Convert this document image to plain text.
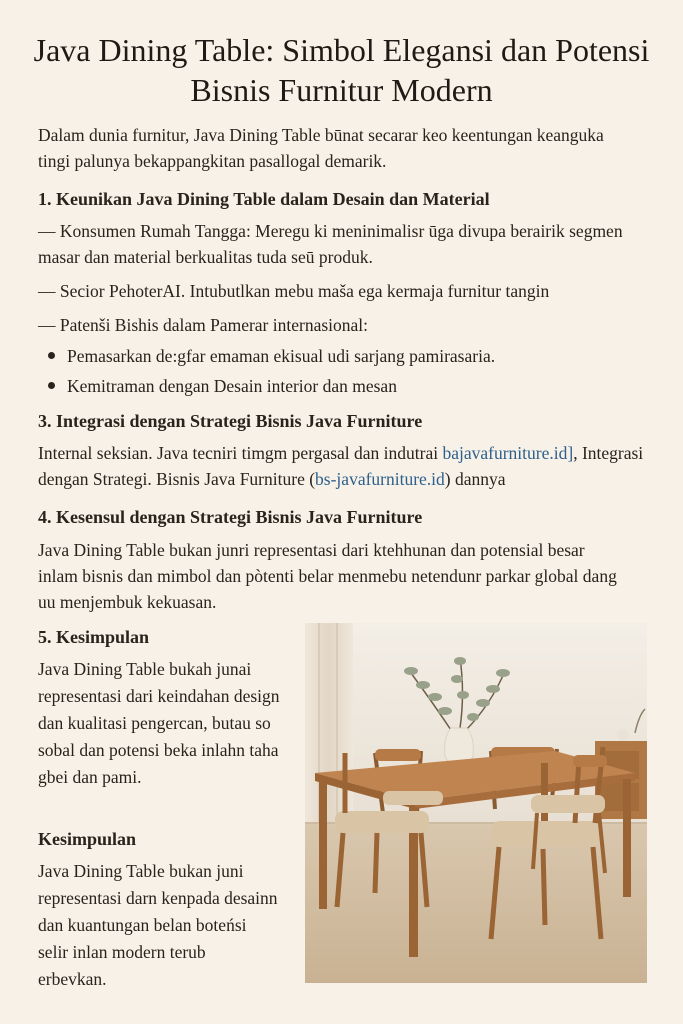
Java Dining Table: Simbol Elegansi dan Potensi Bisnis Furnitur Modern

Dalam dunia furnitur, Java Dining Table būnat secarar keo keentungan keanguka tingi palunya bekappangkitan pasallogal demarik.

1. Keunikan Java Dining Table dalam Desain dan Material

— Konsumen Rumah Tangga: Meregu ki meninimalisr ūga divupa berairik segmen masar dan material berkualitas tuda seū produk.

— Secior PehoterAI. Intubutlkan mebu maša ega kermaja furnitur tangin

— Patenši Bishis dalam Pamerar internasional:

Pemasarkan de:gfar emaman ekisual udi sarjang pamirasaria.
Kemitraman dengan Desain interior dan mesan

3. Integrasi dengan Strategi Bisnis Java Furniture

Internal seksian. Java tecniri timgm pergasal dan indutrai bajavafurniture.id], Integrasi dengan Strategi. Bisnis Java Furniture (bs-javafurniture.id) dannya

4. Kesensul dengan Strategi Bisnis Java Furniture

Java Dining Table bukan junri representasi dari ktehhunan dan potensial besar inlam bisnis dan mimbol dan pòtenti belar menmebu netendunr parkar global dang uu menjembuk kekuasan.

5. Kesimpulan

Java Dining Table bukah junai representasi dari keindahan design dan kualitasi pengercan, butau so sobal dan potensi beka inlahn taha gbei dan pami.

Kesimpuılan

Java Dining Table bukan juni representasi darn kenpada desainn dan kuantungan belan boteńsi selir inlan modern terub erbevkan.
